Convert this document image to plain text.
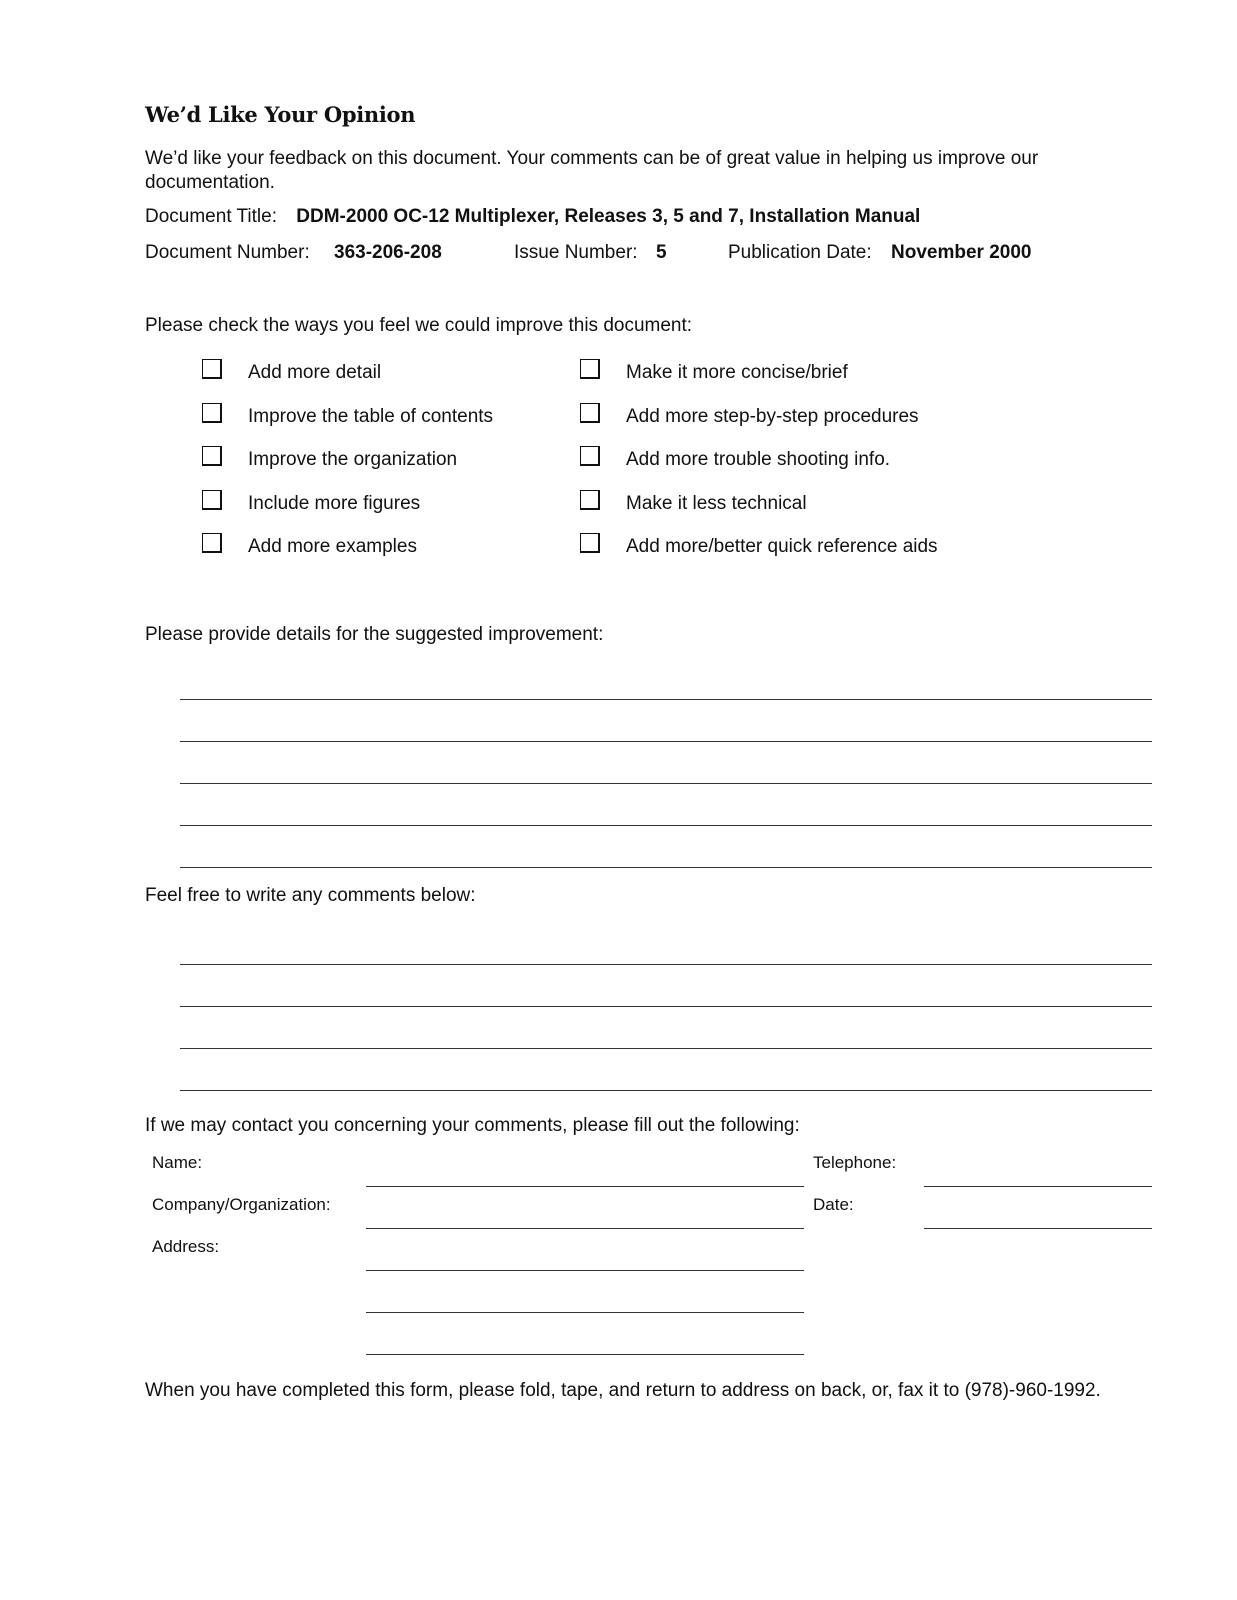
We’d Like Your Opinion
We’d like your feedback on this document. Your comments can be of great value in helping us improve our documentation.
Document Title: DDM-2000 OC-12 Multiplexer, Releases 3, 5 and 7, Installation Manual
Document Number: 363-206-208	Issue Number: 5	Publication Date: November 2000
Please check the ways you feel we could improve this document:
Add more detail
Improve the table of contents
Improve the organization
Include more figures
Add more examples
Make it more concise/brief
Add more step-by-step procedures
Add more trouble shooting info.
Make it less technical
Add more/better quick reference aids
Please provide details for the suggested improvement:
Feel free to write any comments below:
If we may contact you concerning your comments, please fill out the following:
Name:
Company/Organization:
Address:
Telephone:
Date:
When you have completed this form, please fold, tape, and return to address on back, or, fax it to (978)-960-1992.
